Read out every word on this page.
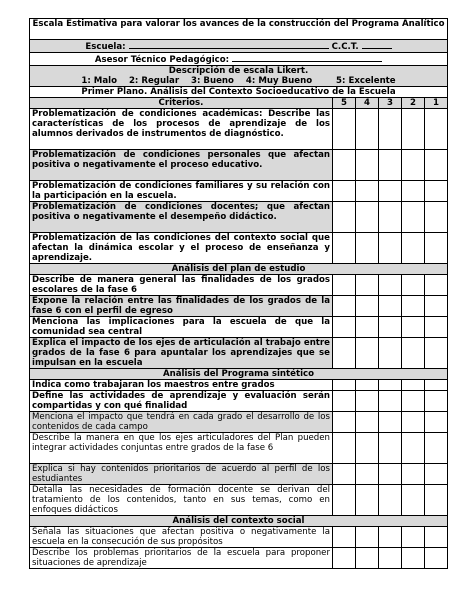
Escala Estimativa para valorar los avances de la construcción del Programa Analítico					
Escuela: C.C.T.					
Asesor Técnico Pedagógico:					

Descripción de escala Likert.
1: Malo    2: Regular    3: Bueno    4: Muy Bueno        5: Excelente					

Primer Plano. Análisis del Contexto Socioeducativo de la Escuela					
Criterios.	5	4	3	2	1
Problematización de condiciones académicas: Describe las características de los procesos de aprendizaje de los alumnos derivados de instrumentos de diagnóstico.					
Problematización de condiciones personales que afectan positiva o negativamente el proceso educativo.					
Problematización de condiciones familiares y su relación con la participación en la escuela.					
Problematización de condiciones docentes; que afectan positiva o negativamente el desempeño didáctico.					
Problematización de las condiciones del contexto social que afectan la dinámica escolar y el proceso de enseñanza y aprendizaje.					
Análisis del plan de estudio					
Describe de manera general las finalidades de los grados escolares de la fase 6					
Expone la relación entre las finalidades de los grados de la fase 6 con el perfil de egreso					
Menciona las implicaciones para la escuela de que la comunidad sea central					
Explica el impacto de los ejes de articulación al trabajo entre grados de la fase 6 para apuntalar los aprendizajes que se impulsan en la escuela					
Análisis del Programa sintético					
Indica como trabajaran los maestros entre grados					
Define las actividades de aprendizaje y evaluación serán compartidas y con qué finalidad					
Menciona el impacto que tendrá en cada grado el desarrollo de los contenidos de cada campo					
Describe la manera en que los ejes articuladores del Plan pueden integrar actividades conjuntas entre grados de la fase 6					
Explica si hay contenidos prioritarios de acuerdo al perfil de los estudiantes					
Detalla las necesidades de formación docente se derivan del tratamiento de los contenidos, tanto en sus temas, como en enfoques didácticos					
Análisis del contexto social					
Señala las situaciones que afectan positiva o negativamente la escuela en la consecución de sus propósitos					
Describe los problemas prioritarios de la escuela para proponer situaciones de aprendizaje					
